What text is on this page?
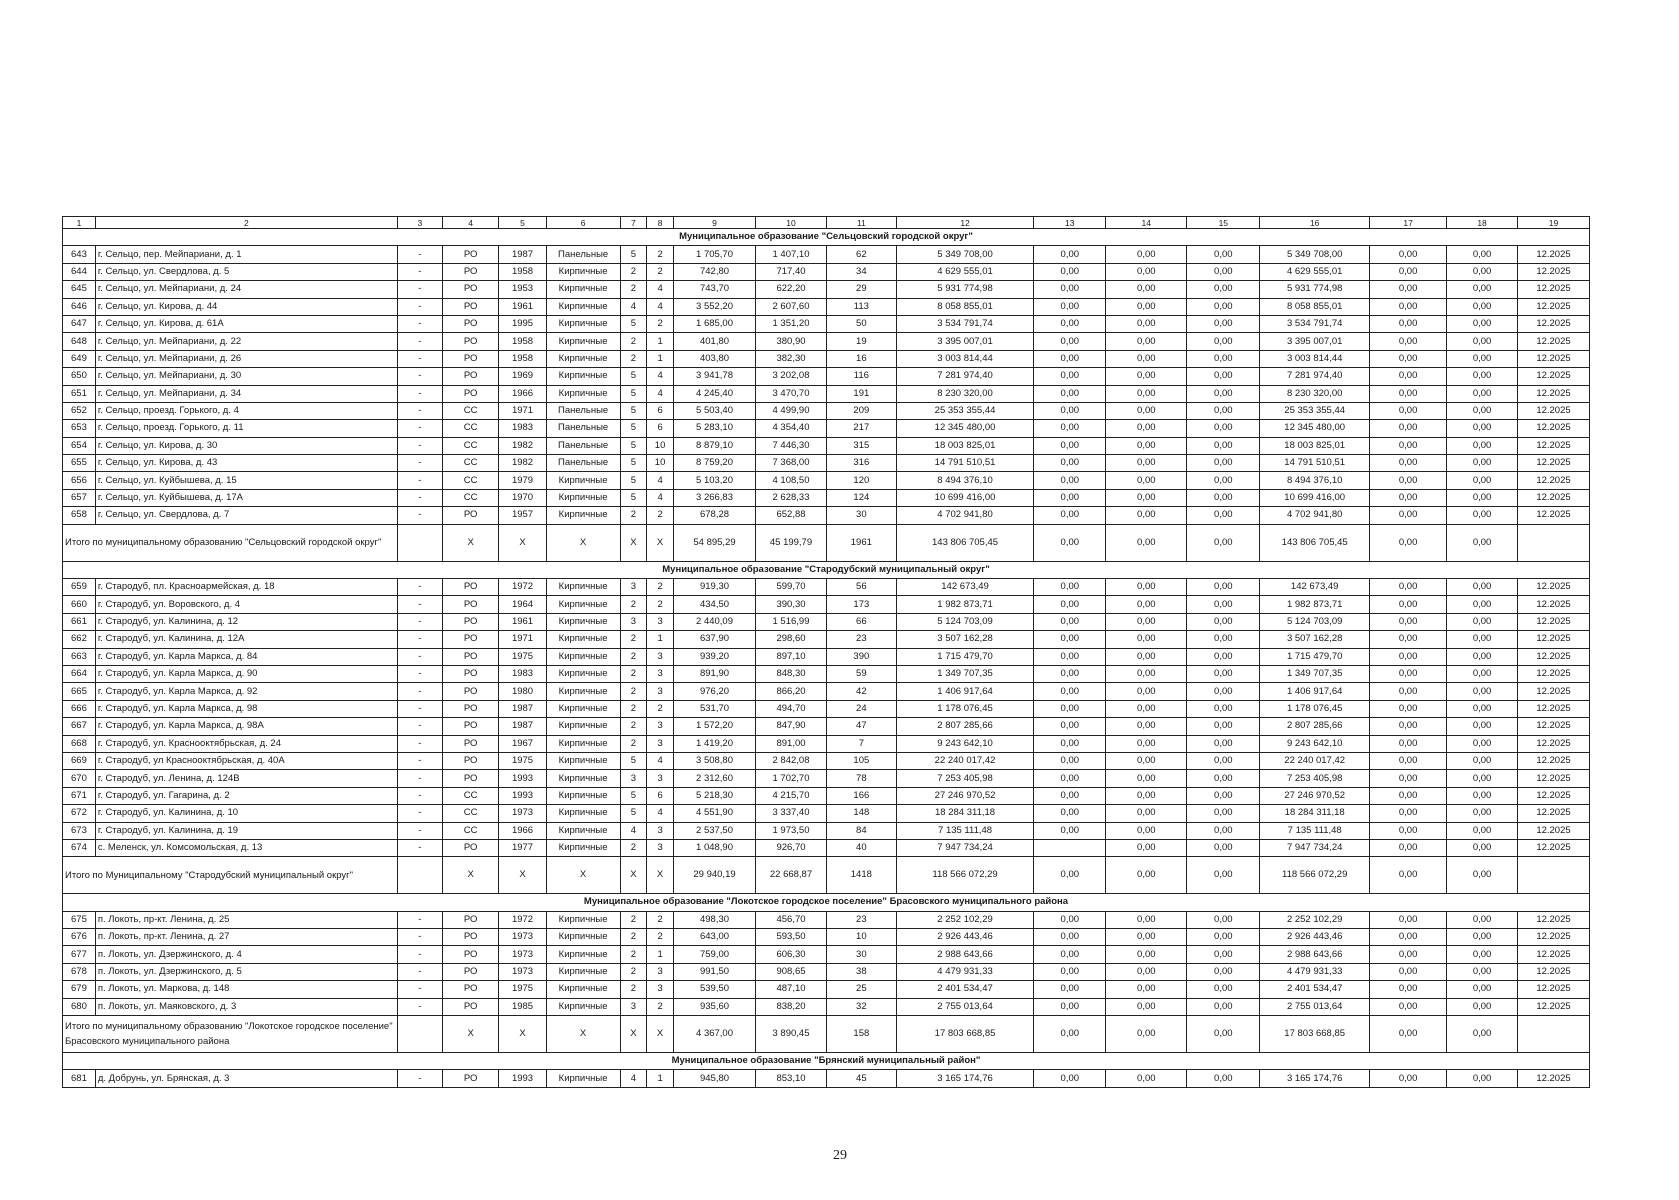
1	2	3	4	5	6	7	8	9	10	11	12	13	14	15	16	17	18	19
Муниципальное образование "Сельцовский городской округ"																		
643	г. Сельцо, пер. Мейпариани, д. 1	-	РО	1987	Панельные	5	2	1 705,70	1 407,10	62	5 349 708,00	0,00	0,00	0,00	5 349 708,00	0,00	0,00	12.2025
644	г. Сельцо, ул. Свердлова, д. 5	-	РО	1958	Кирпичные	2	2	742,80	717,40	34	4 629 555,01	0,00	0,00	0,00	4 629 555,01	0,00	0,00	12.2025
645	г. Сельцо, ул. Мейпариани, д. 24	-	РО	1953	Кирпичные	2	4	743,70	622,20	29	5 931 774,98	0,00	0,00	0,00	5 931 774,98	0,00	0,00	12.2025
646	г. Сельцо, ул. Кирова, д. 44	-	РО	1961	Кирпичные	4	4	3 552,20	2 607,60	113	8 058 855,01	0,00	0,00	0,00	8 058 855,01	0,00	0,00	12.2025
647	г. Сельцо, ул. Кирова, д. 61А	-	РО	1995	Кирпичные	5	2	1 685,00	1 351,20	50	3 534 791,74	0,00	0,00	0,00	3 534 791,74	0,00	0,00	12.2025
648	г. Сельцо, ул. Мейпариани, д. 22	-	РО	1958	Кирпичные	2	1	401,80	380,90	19	3 395 007,01	0,00	0,00	0,00	3 395 007,01	0,00	0,00	12.2025
649	г. Сельцо, ул. Мейпариани, д. 26	-	РО	1958	Кирпичные	2	1	403,80	382,30	16	3 003 814,44	0,00	0,00	0,00	3 003 814,44	0,00	0,00	12.2025
650	г. Сельцо, ул. Мейпариани, д. 30	-	РО	1969	Кирпичные	5	4	3 941,78	3 202,08	116	7 281 974,40	0,00	0,00	0,00	7 281 974,40	0,00	0,00	12.2025
651	г. Сельцо, ул. Мейпариани, д. 34	-	РО	1966	Кирпичные	5	4	4 245,40	3 470,70	191	8 230 320,00	0,00	0,00	0,00	8 230 320,00	0,00	0,00	12.2025
652	г. Сельцо, проезд. Горького, д. 4	-	СС	1971	Панельные	5	6	5 503,40	4 499,90	209	25 353 355,44	0,00	0,00	0,00	25 353 355,44	0,00	0,00	12.2025
653	г. Сельцо, проезд. Горького, д. 11	-	СС	1983	Панельные	5	6	5 283,10	4 354,40	217	12 345 480,00	0,00	0,00	0,00	12 345 480,00	0,00	0,00	12.2025
654	г. Сельцо, ул. Кирова, д. 30	-	СС	1982	Панельные	5	10	8 879,10	7 446,30	315	18 003 825,01	0,00	0,00	0,00	18 003 825,01	0,00	0,00	12.2025
655	г. Сельцо, ул. Кирова, д. 43	-	СС	1982	Панельные	5	10	8 759,20	7 368,00	316	14 791 510,51	0,00	0,00	0,00	14 791 510,51	0,00	0,00	12.2025
656	г. Сельцо, ул. Куйбышева, д. 15	-	СС	1979	Кирпичные	5	4	5 103,20	4 108,50	120	8 494 376,10	0,00	0,00	0,00	8 494 376,10	0,00	0,00	12.2025
657	г. Сельцо, ул. Куйбышева, д. 17А	-	СС	1970	Кирпичные	5	4	3 266,83	2 628,33	124	10 699 416,00	0,00	0,00	0,00	10 699 416,00	0,00	0,00	12.2025
658	г. Сельцо, ул. Свердлова, д. 7	-	РО	1957	Кирпичные	2	2	678,28	652,88	30	4 702 941,80	0,00	0,00	0,00	4 702 941,80	0,00	0,00	12.2025
Итого по муниципальному образованию "Сельцовский городской округ"			Х	Х	Х	Х	Х	54 895,29	45 199,79	1961	143 806 705,45	0,00	0,00	0,00	143 806 705,45	0,00	0,00	
Муниципальное образование "Стародубский муниципальный округ"																		
659	г. Стародуб, пл. Красноармейская, д. 18	-	РО	1972	Кирпичные	3	2	919,30	599,70	56	142 673,49	0,00	0,00	0,00	142 673,49	0,00	0,00	12.2025
660	г. Стародуб, ул. Воровского, д. 4	-	РО	1964	Кирпичные	2	2	434,50	390,30	173	1 982 873,71	0,00	0,00	0,00	1 982 873,71	0,00	0,00	12.2025
661	г. Стародуб, ул. Калинина, д. 12	-	РО	1961	Кирпичные	3	3	2 440,09	1 516,99	66	5 124 703,09	0,00	0,00	0,00	5 124 703,09	0,00	0,00	12.2025
662	г. Стародуб, ул. Калинина, д. 12А	-	РО	1971	Кирпичные	2	1	637,90	298,60	23	3 507 162,28	0,00	0,00	0,00	3 507 162,28	0,00	0,00	12.2025
663	г. Стародуб, ул. Карла Маркса, д. 84	-	РО	1975	Кирпичные	2	3	939,20	897,10	390	1 715 479,70	0,00	0,00	0,00	1 715 479,70	0,00	0,00	12.2025
664	г. Стародуб, ул. Карла Маркса, д. 90	-	РО	1983	Кирпичные	2	3	891,90	848,30	59	1 349 707,35	0,00	0,00	0,00	1 349 707,35	0,00	0,00	12.2025
665	г. Стародуб, ул. Карла Маркса, д. 92	-	РО	1980	Кирпичные	2	3	976,20	866,20	42	1 406 917,64	0,00	0,00	0,00	1 406 917,64	0,00	0,00	12.2025
666	г. Стародуб, ул. Карла Маркса, д. 98	-	РО	1987	Кирпичные	2	2	531,70	494,70	24	1 178 076,45	0,00	0,00	0,00	1 178 076,45	0,00	0,00	12.2025
667	г. Стародуб, ул. Карла Маркса, д. 98А	-	РО	1987	Кирпичные	2	3	1 572,20	847,90	47	2 807 285,66	0,00	0,00	0,00	2 807 285,66	0,00	0,00	12.2025
668	г. Стародуб, ул. Краснооктябрьская, д. 24	-	РО	1967	Кирпичные	2	3	1 419,20	891,00	7	9 243 642,10	0,00	0,00	0,00	9 243 642,10	0,00	0,00	12.2025
669	г. Стародуб, ул Краснооктябрьская, д. 40А	-	РО	1975	Кирпичные	5	4	3 508,80	2 842,08	105	22 240 017,42	0,00	0,00	0,00	22 240 017,42	0,00	0,00	12.2025
670	г. Стародуб, ул. Ленина, д. 124В	-	РО	1993	Кирпичные	3	3	2 312,60	1 702,70	78	7 253 405,98	0,00	0,00	0,00	7 253 405,98	0,00	0,00	12.2025
671	г. Стародуб, ул. Гагарина, д. 2	-	СС	1993	Кирпичные	5	6	5 218,30	4 215,70	166	27 246 970,52	0,00	0,00	0,00	27 246 970,52	0,00	0,00	12.2025
672	г. Стародуб, ул. Калинина, д. 10	-	СС	1973	Кирпичные	5	4	4 551,90	3 337,40	148	18 284 311,18	0,00	0,00	0,00	18 284 311,18	0,00	0,00	12.2025
673	г. Стародуб, ул. Калинина, д. 19	-	СС	1966	Кирпичные	4	3	2 537,50	1 973,50	84	7 135 111,48	0,00	0,00	0,00	7 135 111,48	0,00	0,00	12.2025
674	с. Меленск, ул. Комсомольская, д. 13	-	РО	1977	Кирпичные	2	3	1 048,90	926,70	40	7 947 734,24		0,00	0,00	7 947 734,24	0,00	0,00	12.2025
Итого по Муниципальному "Стародубский муниципальный округ"			Х	Х	Х	Х	Х	29 940,19	22 668,87	1418	118 566 072,29	0,00	0,00	0,00	118 566 072,29	0,00	0,00	
Муниципальное образование "Локотское городское поселение" Брасовского муниципального района																		
675	п. Локоть, пр-кт. Ленина, д. 25	-	РО	1972	Кирпичные	2	2	498,30	456,70	23	2 252 102,29	0,00	0,00	0,00	2 252 102,29	0,00	0,00	12.2025
676	п. Локоть, пр-кт. Ленина, д. 27	-	РО	1973	Кирпичные	2	2	643,00	593,50	10	2 926 443,46	0,00	0,00	0,00	2 926 443,46	0,00	0,00	12.2025
677	п. Локоть, ул. Дзержинского, д. 4	-	РО	1973	Кирпичные	2	1	759,00	606,30	30	2 988 643,66	0,00	0,00	0,00	2 988 643,66	0,00	0,00	12.2025
678	п. Локоть, ул. Дзержинского, д. 5	-	РО	1973	Кирпичные	2	3	991,50	908,65	38	4 479 931,33	0,00	0,00	0,00	4 479 931,33	0,00	0,00	12.2025
679	п. Локоть, ул. Маркова, д. 148	-	РО	1975	Кирпичные	2	3	539,50	487,10	25	2 401 534,47	0,00	0,00	0,00	2 401 534,47	0,00	0,00	12.2025
680	п. Локоть, ул. Маяковского, д. 3	-	РО	1985	Кирпичные	3	2	935,60	838,20	32	2 755 013,64	0,00	0,00	0,00	2 755 013,64	0,00	0,00	12.2025
Итого по муниципальному образованию "Локотское городское поселение" Брасовского муниципального района			Х	Х	Х	Х	Х	4 367,00	3 890,45	158	17 803 668,85	0,00	0,00	0,00	17 803 668,85	0,00	0,00	
Муниципальное образование "Брянский муниципальный район"																		
681	д. Добрунь, ул. Брянская, д. 3	-	РО	1993	Кирпичные	4	1	945,80	853,10	45	3 165 174,76	0,00	0,00	0,00	3 165 174,76	0,00	0,00	12.2025
29
